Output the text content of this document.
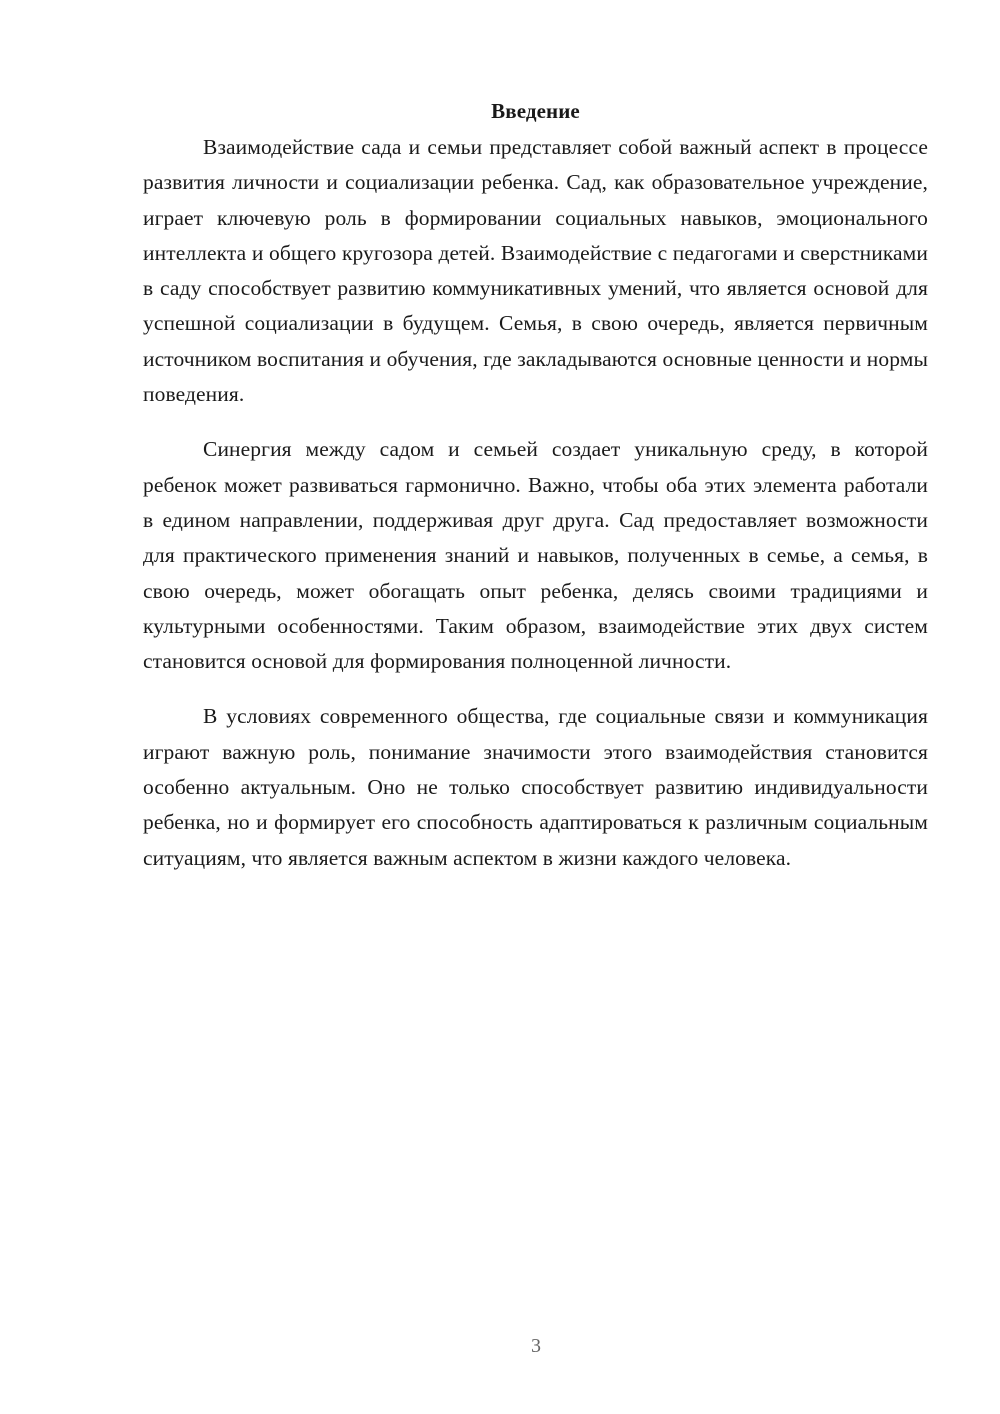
Введение

Взаимодействие сада и семьи представляет собой важный аспект в процессе развития личности и социализации ребенка. Сад, как образовательное учреждение, играет ключевую роль в формировании социальных навыков, эмоционального интеллекта и общего кругозора детей. Взаимодействие с педагогами и сверстниками в саду способствует развитию коммуникативных умений, что является основой для успешной социализации в будущем. Семья, в свою очередь, является первичным источником воспитания и обучения, где закладываются основные ценности и нормы поведения.

Синергия между садом и семьей создает уникальную среду, в которой ребенок может развиваться гармонично. Важно, чтобы оба этих элемента работали в едином направлении, поддерживая друг друга. Сад предоставляет возможности для практического применения знаний и навыков, полученных в семье, а семья, в свою очередь, может обогащать опыт ребенка, делясь своими традициями и культурными особенностями. Таким образом, взаимодействие этих двух систем становится основой для формирования полноценной личности.

В условиях современного общества, где социальные связи и коммуникация играют важную роль, понимание значимости этого взаимодействия становится особенно актуальным. Оно не только способствует развитию индивидуальности ребенка, но и формирует его способность адаптироваться к различным социальным ситуациям, что является важным аспектом в жизни каждого человека.

3
